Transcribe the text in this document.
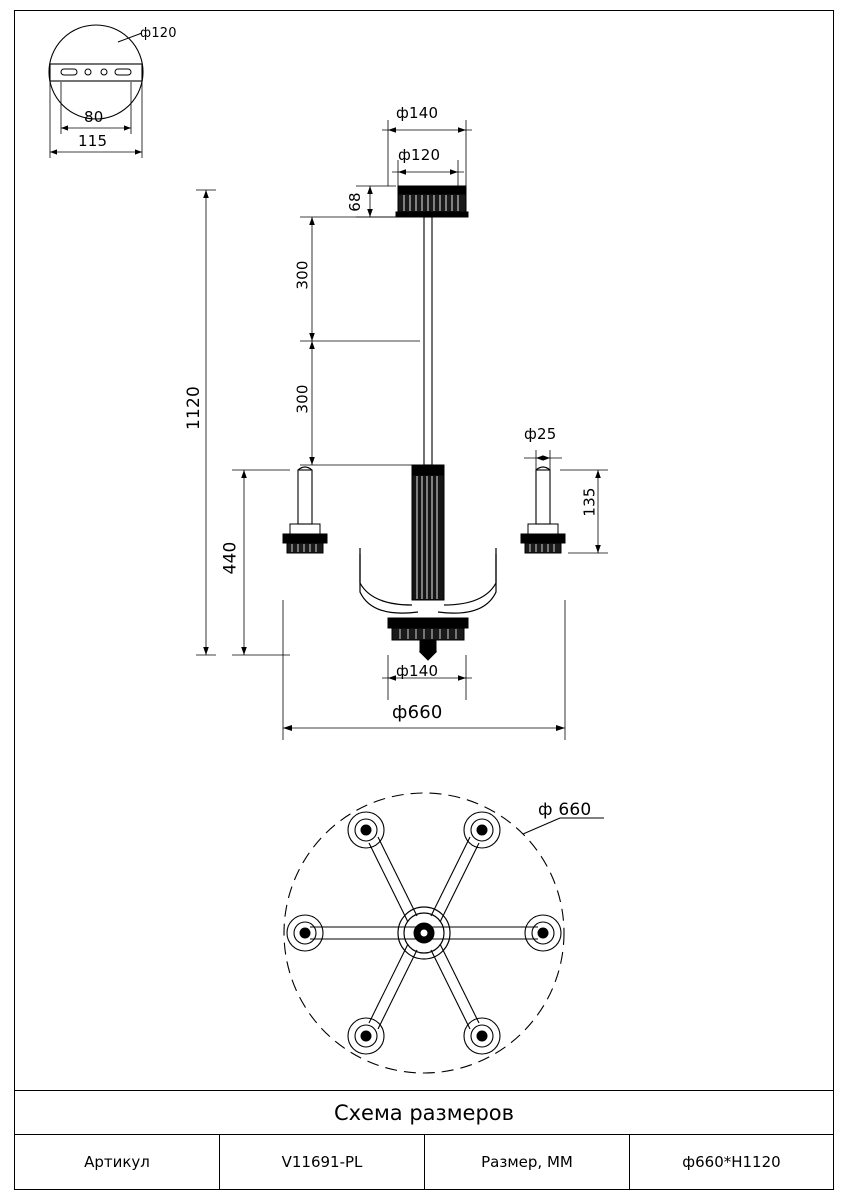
ф120
80
115
ф140
ф120
68
300
300
1120
440
ф25
135
ф140
ф660
ф 660
Схема размеров
Артикул	V11691-PL	Размер, ММ	ф660*H1120
